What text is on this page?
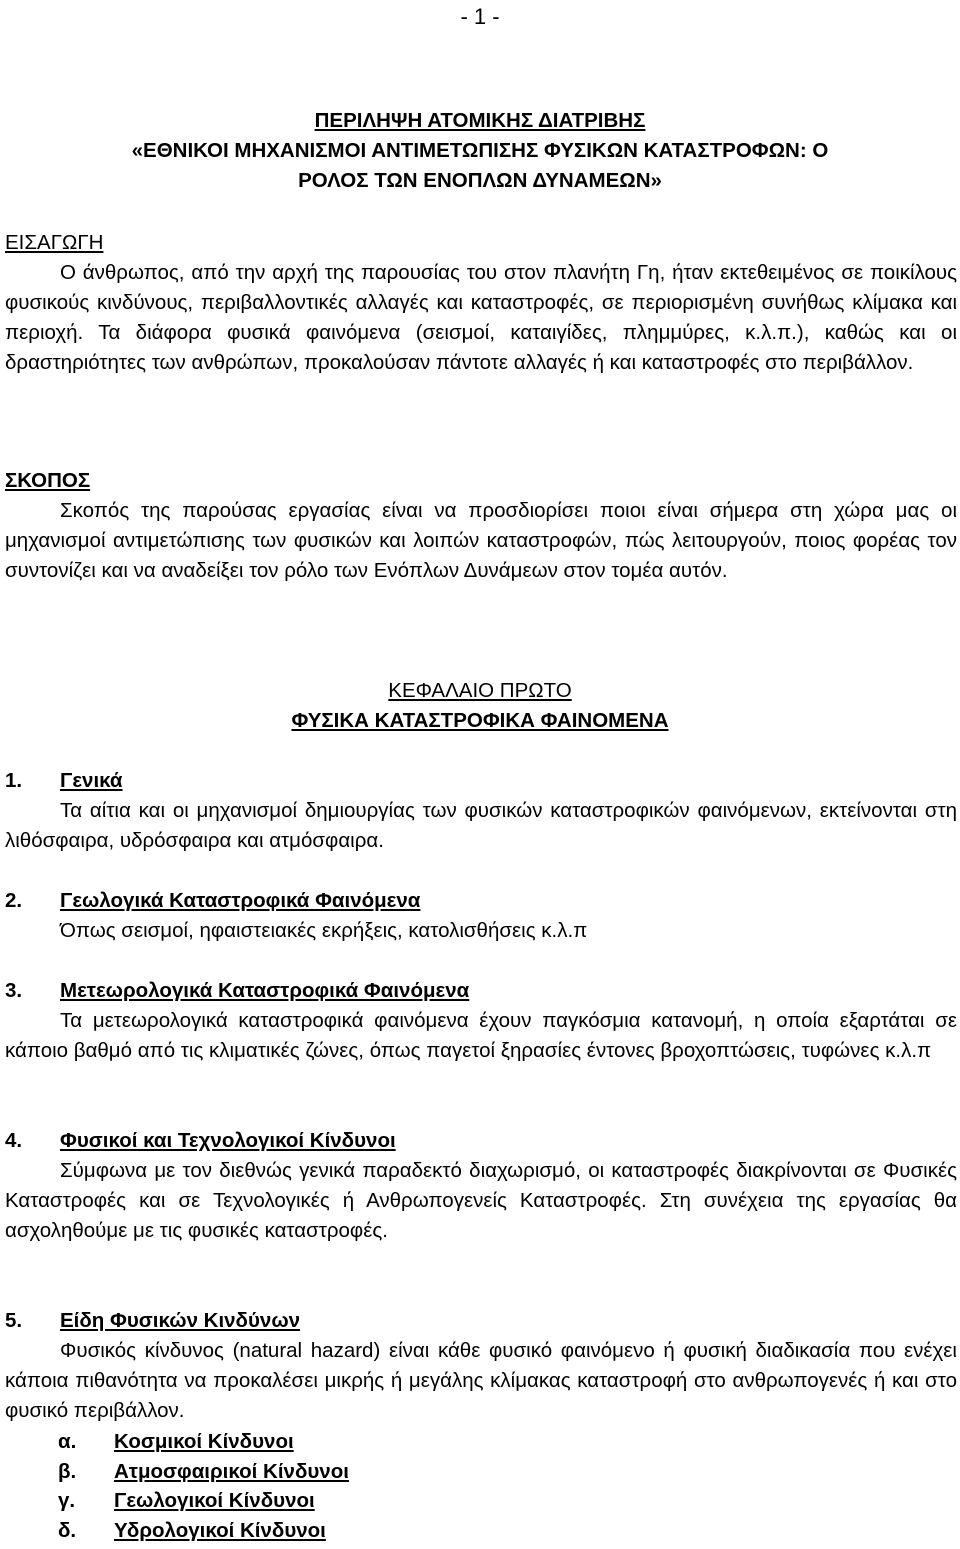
- 1 -
ΠΕΡΙΛΗΨΗ ΑΤΟΜΙΚΗΣ ΔΙΑΤΡΙΒΗΣ
«ΕΘΝΙΚΟΙ ΜΗΧΑΝΙΣΜΟΙ ΑΝΤΙΜΕΤΩΠΙΣΗΣ ΦΥΣΙΚΩΝ ΚΑΤΑΣΤΡΟΦΩΝ: Ο
ΡΟΛΟΣ ΤΩΝ ΕΝΟΠΛΩΝ ΔΥΝΑΜΕΩΝ»
ΕΙΣΑΓΩΓΗ

Ο άνθρωπος, από την αρχή της παρουσίας του στον πλανήτη Γη, ήταν εκτεθειμένος σε ποικίλους φυσικούς κινδύνους, περιβαλλοντικές αλλαγές και καταστροφές, σε περιορισμένη συνήθως κλίμακα και περιοχή. Τα διάφορα φυσικά φαινόμενα (σεισμοί, καταιγίδες, πλημμύρες, κ.λ.π.), καθώς και οι δραστηριότητες των ανθρώπων, προκαλούσαν πάντοτε αλλαγές ή και καταστροφές στο περιβάλλον.

ΣΚΟΠΟΣ

Σκοπός της παρούσας εργασίας είναι να προσδιορίσει ποιοι είναι σήμερα στη χώρα μας οι μηχανισμοί αντιμετώπισης των φυσικών και λοιπών καταστροφών, πώς λειτουργούν, ποιος φορέας τον συντονίζει και να αναδείξει τον ρόλο των Ενόπλων Δυνάμεων στον τομέα αυτόν.

ΚΕΦΑΛΑΙΟ ΠΡΩΤΟ
ΦΥΣΙΚΑ ΚΑΤΑΣΤΡΟΦΙΚΑ ΦΑΙΝΟΜΕΝΑ
1.	Γενικά

Τα αίτια και οι μηχανισμοί δημιουργίας των φυσικών καταστροφικών φαινόμενων, εκτείνονται στη λιθόσφαιρα, υδρόσφαιρα και ατμόσφαιρα.

2.	Γεωλογικά Καταστροφικά Φαινόμενα

Όπως σεισμοί, ηφαιστειακές εκρήξεις, κατολισθήσεις κ.λ.π

3.	Μετεωρολογικά Καταστροφικά Φαινόμενα

Τα μετεωρολογικά καταστροφικά φαινόμενα έχουν παγκόσμια κατανομή, η οποία εξαρτάται σε κάποιο βαθμό από τις κλιματικές ζώνες, όπως παγετοί ξηρασίες έντονες βροχοπτώσεις, τυφώνες κ.λ.π

4.	Φυσικοί και Τεχνολογικοί Κίνδυνοι

Σύμφωνα με τον διεθνώς γενικά παραδεκτό διαχωρισμό, οι καταστροφές διακρίνονται σε Φυσικές Καταστροφές και σε Τεχνολογικές ή Ανθρωπογενείς Καταστροφές. Στη συνέχεια της εργασίας θα ασχοληθούμε με τις φυσικές καταστροφές.

5.	Είδη Φυσικών Κινδύνων

Φυσικός κίνδυνος (natural hazard) είναι κάθε φυσικό φαινόμενο ή φυσική διαδικασία που ενέχει κάποια πιθανότητα να προκαλέσει μικρής ή μεγάλης κλίμακας καταστροφή στο ανθρωπογενές ή και στο φυσικό περιβάλλον.

α.	Κοσμικοί Κίνδυνοι
β.	Ατμοσφαιρικοί Κίνδυνοι
γ.	Γεωλογικοί Κίνδυνοι
δ.	Υδρολογικοί Κίνδυνοι
